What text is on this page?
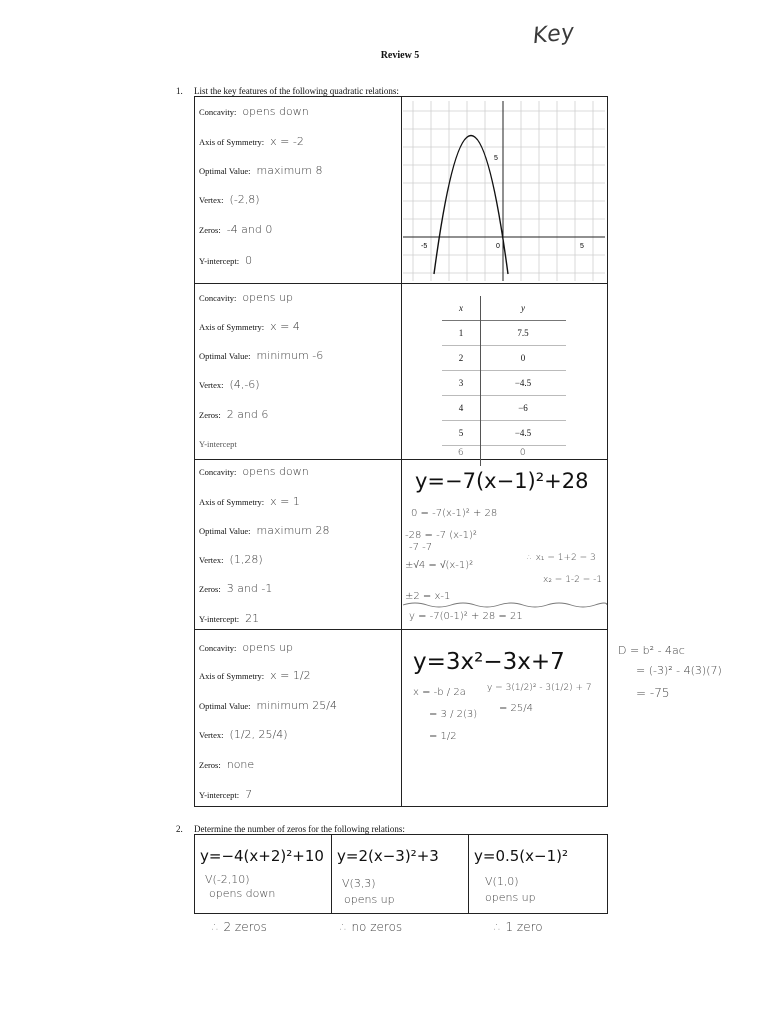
Review 5
Key
1. List the key features of the following quadratic relations:
Concavity: opens down
Axis of Symmetry: x = -2
Optimal Value: maximum 8
Vertex: (-2,8)
Zeros: -4 and 0
Y-intercept: 0
-5	0	5
5
Concavity: opens up
Axis of Symmetry: x = 4
Optimal Value: minimum -6
Vertex: (4,-6)
Zeros: 2 and 6
Y-intercept
Concavity: opens down
Axis of Symmetry: x = 1
Optimal Value: maximum 28
Vertex: (1,28)
Zeros: 3 and -1
Y-intercept: 21
y=−7(x−1)²+28
0 = -7(x-1)² + 28
-28 = -7 (x-1)²
-7 -7
±√4 = √(x-1)²
±2 = x-1
y = -7(0-1)² + 28 = 21
∴ x₁ = 1+2 = 3
x₂ = 1-2 = -1
Concavity: opens up
Axis of Symmetry: x = 1/2
Optimal Value: minimum 25/4
Vertex: (1/2, 25/4)
Zeros: none
Y-intercept: 7
y=3x²−3x+7
x = -b / 2a
= 3 / 2(3)
= 1/2
y = 3(1/2)² - 3(1/2) + 7
= 25/4
x	y
1	7.5
2	0
3	−4.5
4	−6
5	−4.5
6	0
D = b² - 4ac
= (-3)² - 4(3)(7)
= -75
2. Determine the number of zeros for the following relations:
y=−4(x+2)²+10
V(-2,10)
opens down
y=2(x−3)²+3
V(3,3)
opens up
y=0.5(x−1)²
V(1,0)
opens up
∴ 2 zeros	∴ no zeros	∴ 1 zero
